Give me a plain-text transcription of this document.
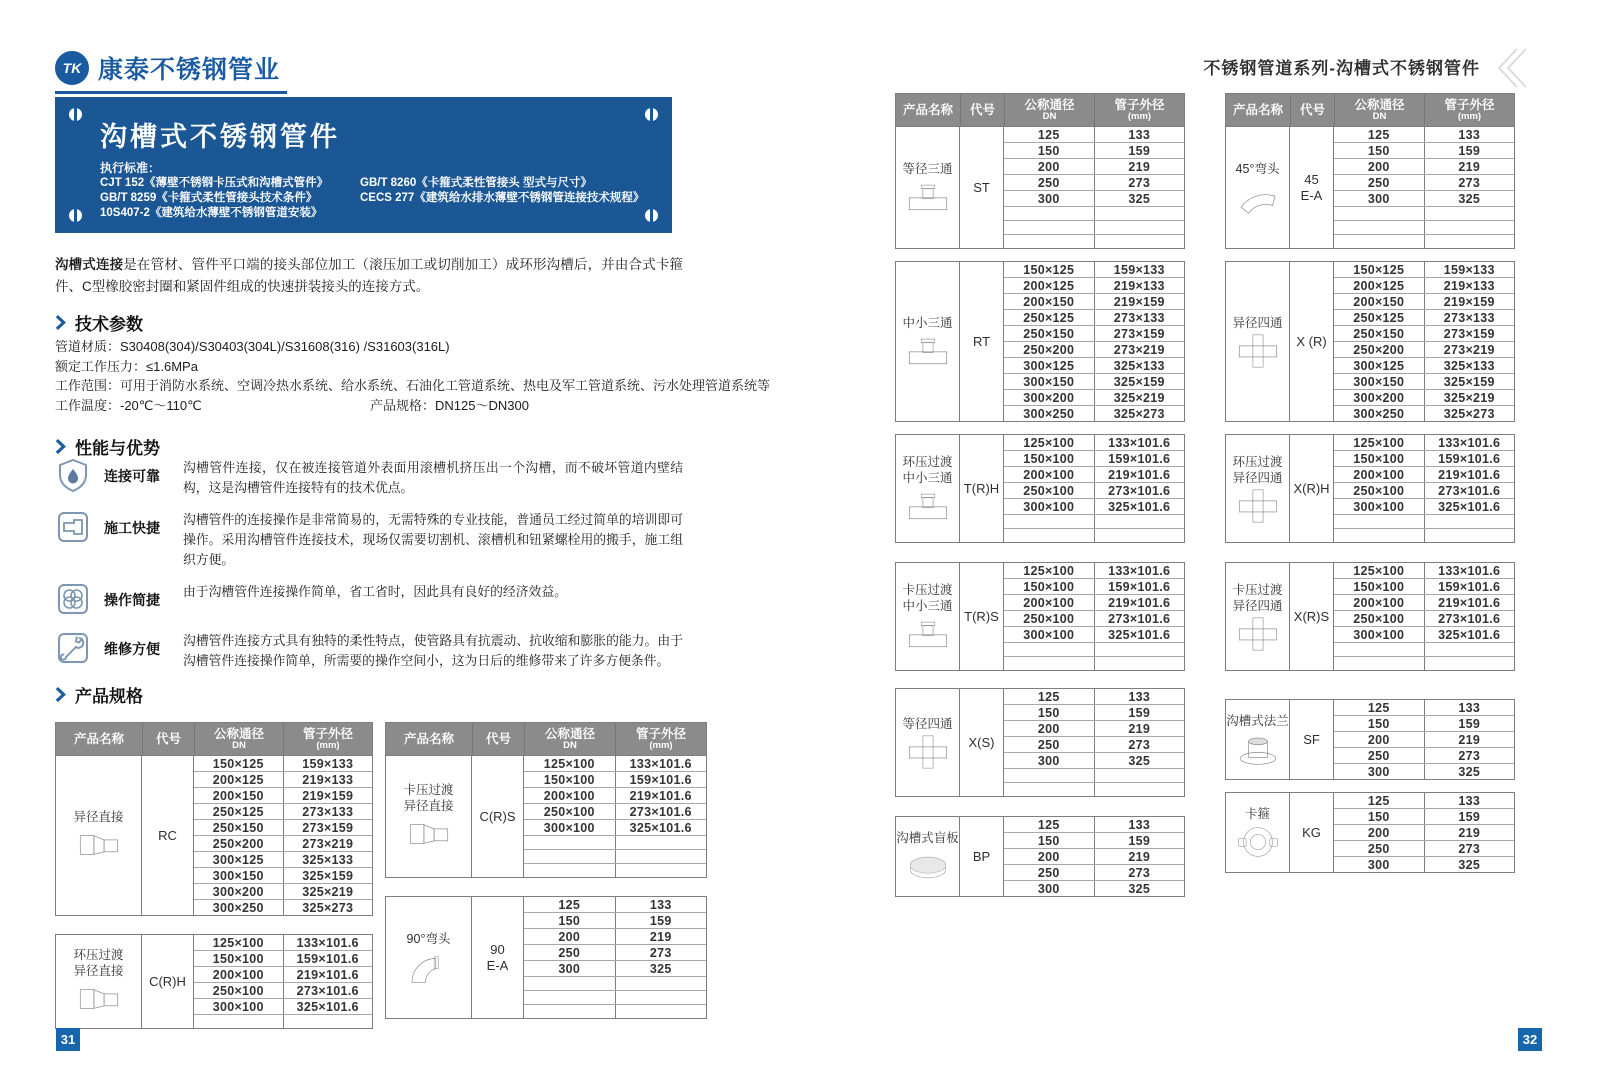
TK 康泰不锈钢管业
沟槽式不锈钢管件
执行标准：
CJT 152《薄壁不锈钢卡压式和沟槽式管件》
GB/T 8259《卡箍式柔性管接头技术条件》
10S407-2《建筑给水薄壁不锈钢管道安装》
GB/T 8260《卡箍式柔性管接头 型式与尺寸》
CECS 277《建筑给水排水薄壁不锈钢管连接技术规程》
沟槽式连接是在管材、管件平口端的接头部位加工（滚压加工或切削加工）成环形沟槽后，并由合式卡箍件、C型橡胶密封圈和紧固件组成的快速拼装接头的连接方式。
技术参数
管道材质：S30408(304)/S30403(304L)/S31608(316) /S31603(316L)
额定工作压力：≤1.6MPa
工作范围：可用于消防水系统、空调冷热水系统、给水系统、石油化工管道系统、热电及军工管道系统、污水处理管道系统等
工作温度：-20℃～110℃	产品规格：DN125～DN300
性能与优势
连接可靠
沟槽管件连接，仅在被连接管道外表面用滚槽机挤压出一个沟槽，而不破坏管道内壁结构，这是沟槽管件连接特有的技术优点。
施工快捷
沟槽管件的连接操作是非常简易的，无需特殊的专业技能，普通员工经过简单的培训即可操作。采用沟槽管件连接技术，现场仅需要切割机、滚槽机和钮紧螺栓用的搬手，施工组织方便。
操作简捷
由于沟槽管件连接操作简单，省工省时，因此具有良好的经济效益。
维修方便
沟槽管件连接方式具有独特的柔性特点，使管路具有抗震动、抗收缩和膨胀的能力。由于沟槽管件连接操作简单，所需要的操作空间小，这为日后的维修带来了许多方便条件。
产品规格
产品名称	代号	公称通径
DN
管子外径
(mm)
异径直接
RC
150×125	159×133
200×125	219×133
200×150	219×159
250×125	273×133
250×150	273×159
250×200	273×219
300×125	325×133
300×150	325×159
300×200	325×219
300×250	325×273
环压过渡
异径直接
C(R)H
125×100	133×101.6
150×100	159×101.6
200×100	219×101.6
250×100	273×101.6
300×100	325×101.6
产品名称	代号	公称通径
DN
管子外径
(mm)
卡压过渡
异径直接
C(R)S
125×100	133×101.6
150×100	159×101.6
200×100	219×101.6
250×100	273×101.6
300×100	325×101.6
90°弯头
90
E-A
125	133
150	159
200	219
250	273
300	325
31
不锈钢管道系列-沟槽式不锈钢管件
产品名称 代号 公称通径
DN
管子外径
(mm)
等径三通
ST
125	133
150	159
200	219
250	273
300	325
中小三通
RT
150×125	159×133
200×125	219×133
200×150	219×159
250×125	273×133
250×150	273×159
250×200	273×219
300×125	325×133
300×150	325×159
300×200	325×219
300×250	325×273
环压过渡
中小三通
T(R)H
125×100	133×101.6
150×100	159×101.6
200×100	219×101.6
250×100	273×101.6
300×100	325×101.6
卡压过渡
中小三通
T(R)S
125×100	133×101.6
150×100	159×101.6
200×100	219×101.6
250×100	273×101.6
300×100	325×101.6
等径四通
X(S)
125	133
150	159
200	219
250	273
300	325
沟槽式盲板
BP
125	133
150	159
200	219
250	273
300	325
产品名称 代号 公称通径
DN
管子外径
(mm)
45°弯头
45
E-A
125	133
150	159
200	219
250	273
300	325
异径四通
X (R)
150×125	159×133
200×125	219×133
200×150	219×159
250×125	273×133
250×150	273×159
250×200	273×219
300×125	325×133
300×150	325×159
300×200	325×219
300×250	325×273
环压过渡
异径四通
X(R)H
125×100	133×101.6
150×100	159×101.6
200×100	219×101.6
250×100	273×101.6
300×100	325×101.6
卡压过渡
异径四通
X(R)S
125×100	133×101.6
150×100	159×101.6
200×100	219×101.6
250×100	273×101.6
300×100	325×101.6
沟槽式法兰
SF
125	133
150	159
200	219
250	273
300	325
卡箍
KG
125	133
150	159
200	219
250	273
300	325
32
